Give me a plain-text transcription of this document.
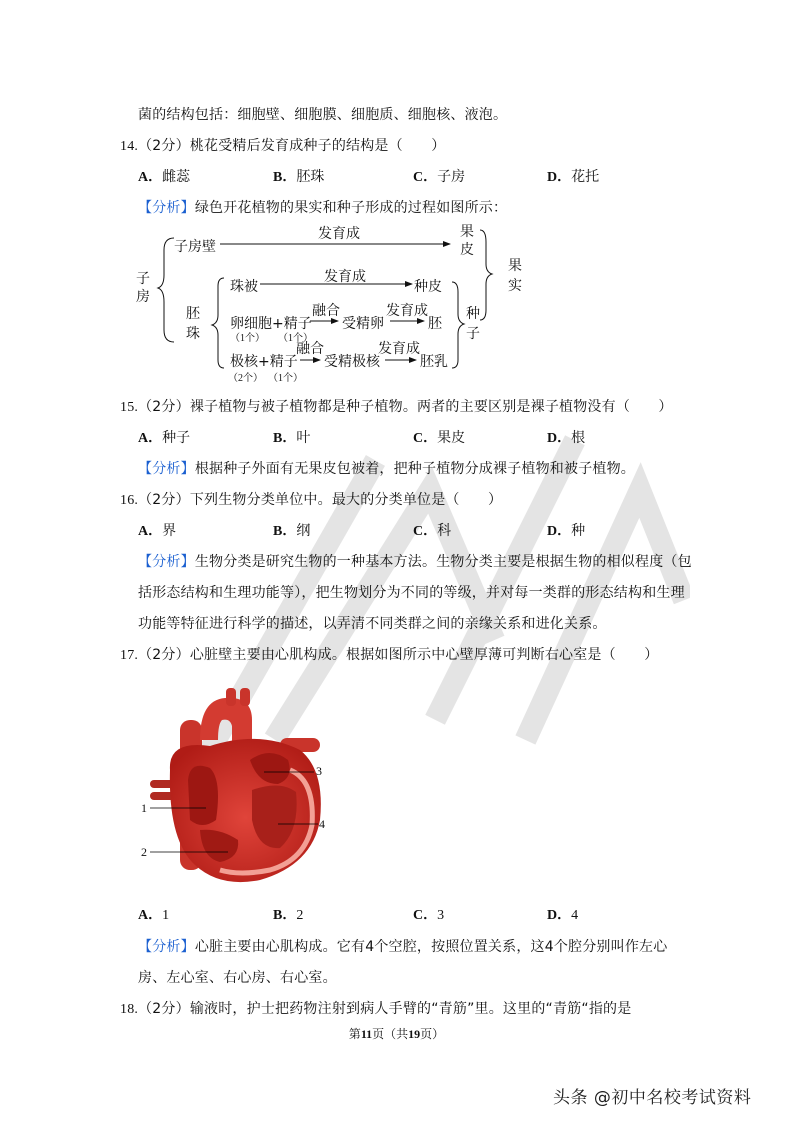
菌的结构包括：细胞壁、细胞膜、细胞质、细胞核、液泡。
14.（2分）桃花受精后发育成种子的结构是（　　）
A．雌蕊	B．胚珠	C．子房	D．花托
【分析】绿色开花植物的果实和种子形成的过程如图所示：
子房
子房壁
发育成	果皮
果实
胚珠
珠被
发育成
种皮
卵细胞+精子
（1个） （1个）
融合
受精卵
发育成
胚
种子
极核+精子
（2个） （1个）
融合
受精极核
发育成
胚乳
15.（2分）裸子植物与被子植物都是种子植物。两者的主要区别是裸子植物没有（　　）
A．种子	B．叶	C．果皮	D．根
【分析】根据种子外面有无果皮包被着，把种子植物分成裸子植物和被子植物。
16.（2分）下列生物分类单位中。最大的分类单位是（　　）
A．界	B．纲	C．科	D．种
【分析】生物分类是研究生物的一种基本方法。生物分类主要是根据生物的相似程度（包
括形态结构和生理功能等），把生物划分为不同的等级，并对每一类群的形态结构和生理
功能等特征进行科学的描述，以弄清不同类群之间的亲缘关系和进化关系。
17.（2分）心脏壁主要由心肌构成。根据如图所示中心壁厚薄可判断右心室是（　　）
1
2
3
4
A．1	B．2	C．3	D．4
【分析】心脏主要由心肌构成。它有4个空腔，按照位置关系，这4个腔分别叫作左心
房、左心室、右心房、右心室。
18.（2分）输液时，护士把药物注射到病人手臂的“青筋”里。这里的“青筋“指的是
第11页（共19页）
头条 @初中名校考试资料
